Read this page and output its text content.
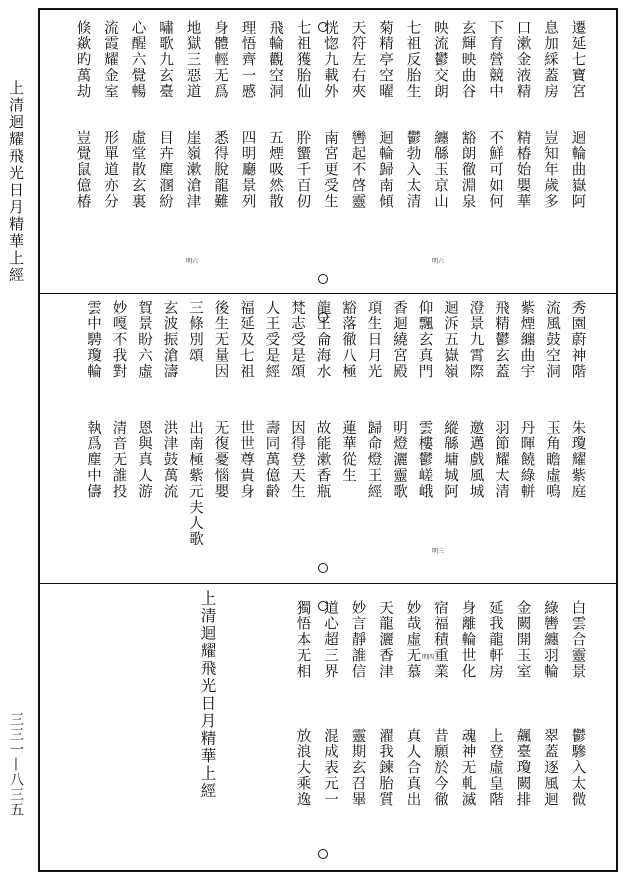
上清迴耀飛光日月精華上經
三三一—八三五
迴輪曲嶽阿
豈知年歲多
精椿始嬰華
不鮮可如何
豁朗徹淵泉
纏緜玉京山
鬱勃入太清
迴輪歸南傾
轡起不啓靈
南宮更受生
肸蠁千百仞
五煙吸然散
四明廳景列
悉得脫龍難
崖嶺漱滄津
目卉塵溷紛
虛堂散玄裏
形單道亦分
豈覺鼠億椿
遷延七寶宮
息加綵蓋房
口漱金液精
下育營競中
玄輝映曲谷
映流鬱交朗
七祖反胎生
菊精亭空曜
天符左右夾
恍惚九載外
七祖獲胎仙
飛輪觀空洞
理悟齊一慼
身體輕无爲
地獄三惡道
嘯歌九玄臺
心醒六覺暢
流霞耀金室
倏歘旳萬劫
秀園蔚神階
流風鼓空洞
紫煙纏曲宇
飛精鬱玄蓋
澄景九霄際
迴泝五嶽嶺
仰飄玄真門
香迴繞宮殿
項生日月光
豁落徹八極
龍王侖海水
梵志受是頌
人王受是經
福延及七祖
後生无量因
三條別頌
玄波振滄濤
賀景盼六虛
妙嘎不我對
雲中騁瓊輪
朱瓊耀紫庭
玉角瞻虛鳴
丹暉饒綠軿
羽節耀太清
邀邁戲風城
縱緜墉城阿
雲樓鬱嵯峨
明燈灑靈歌
歸命燈王經
蓮華從生
故能漱香瓶
因得登天生
壽同萬億齡
世世尊貴身
无復憂惱嬰
出南極紫元夫人歌
洪津鼓萬流
恩與真人游
清音无誰投
執爲塵中儔
白雲合靈景
綠轡纏羽輪
金闕開玉室
延我龍軒房
身離輪世化
宿福積重業
妙哉虛无慕
天龍灑香津
妙言靜誰信
道心超三界
獨悟本无相
鬱驂入太微
翠蓋逐風迴
飆臺瓊闕排
上登虛皇階
魂神无軋滅
昔願於今徹
真人合真出
濯我鍊胎質
靈期玄召畢
混成表元一
放浪大乘逸
上清迴耀飛光日月精華上經
明六	明六
明三
明四
